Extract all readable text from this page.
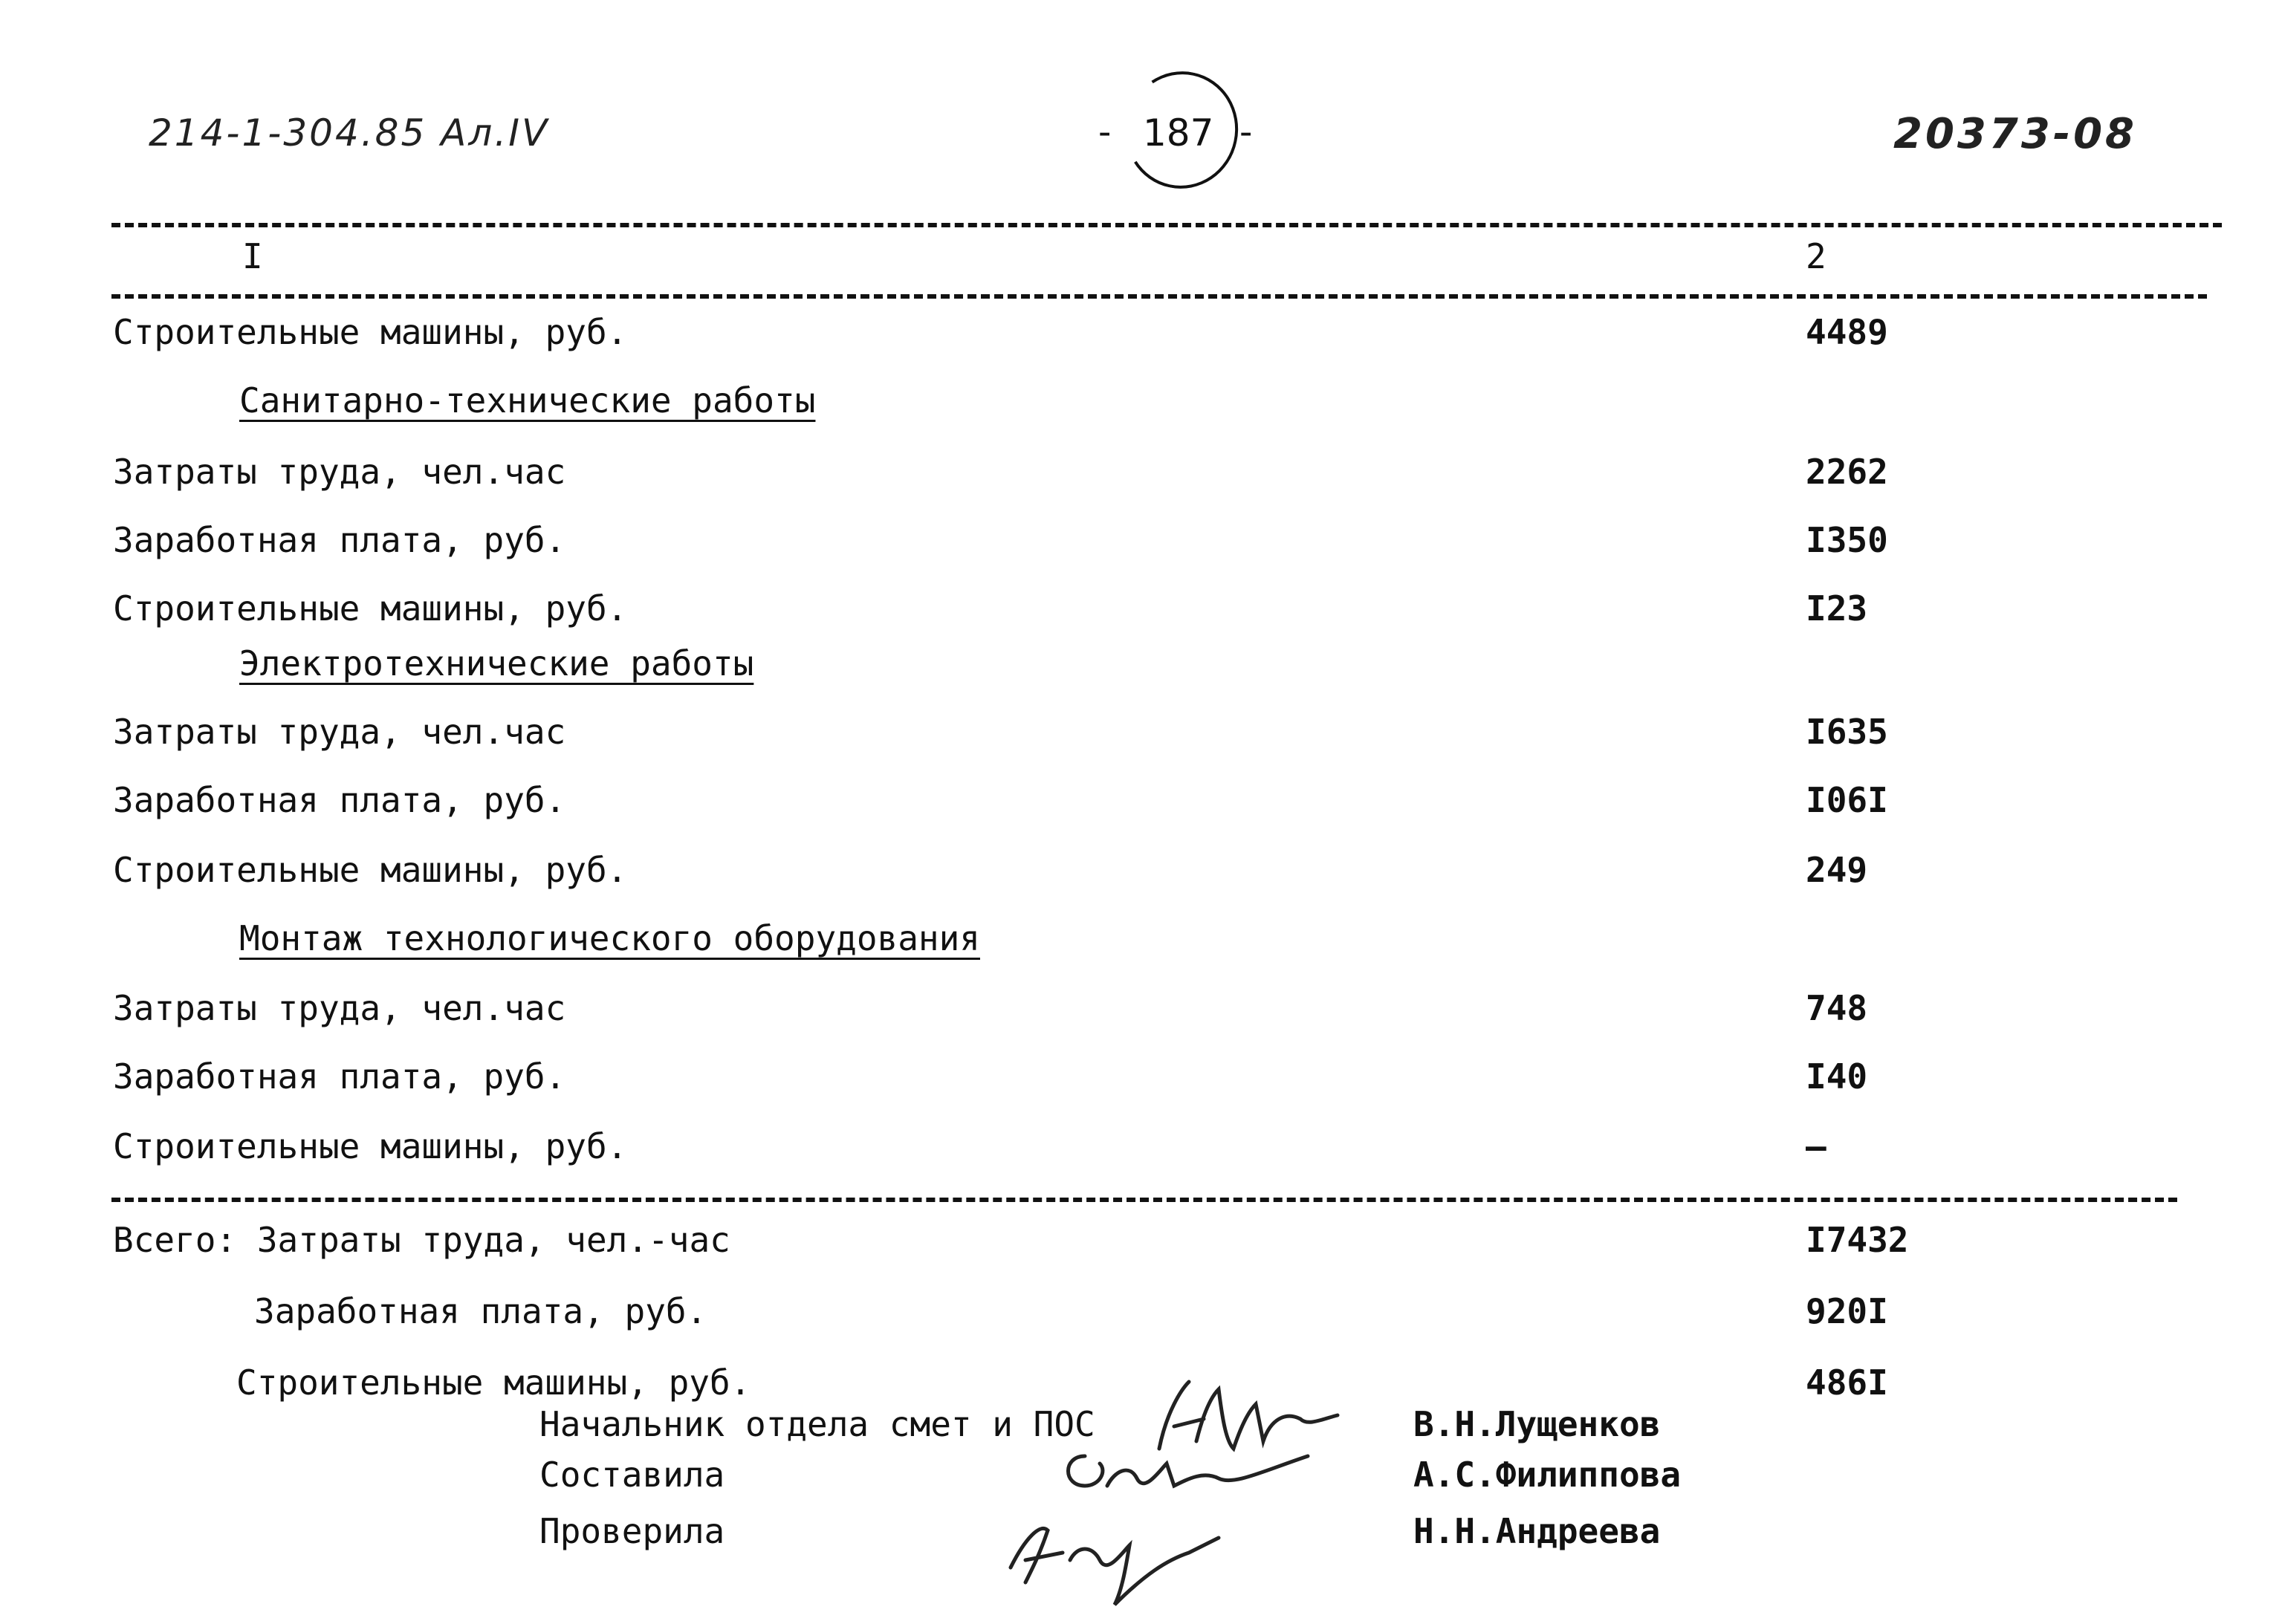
214-1-304.85 Ал.IV	- 187 -	20373-08
I	2
Строительные машины, руб.	4489
Санитарно-технические работы
Затраты труда, чел.час	2262
Заработная плата, руб.	I350
Строительные машины, руб.	I23
Электротехнические работы
Затраты труда, чел.час	I635
Заработная плата, руб.	I06I
Строительные машины, руб.	249
Монтаж технологического оборудования
Затраты труда, чел.час	748
Заработная плата, руб.	I40
Строительные машины, руб.	–
Всего: Затраты труда, чел.-час	I7432
Заработная плата, руб.	920I
Строительные машины, руб.	486I
Начальник отдела смет и ПОС	В.Н.Лущенков
Составила	А.С.Филиппова
Проверила	Н.Н.Андреева
